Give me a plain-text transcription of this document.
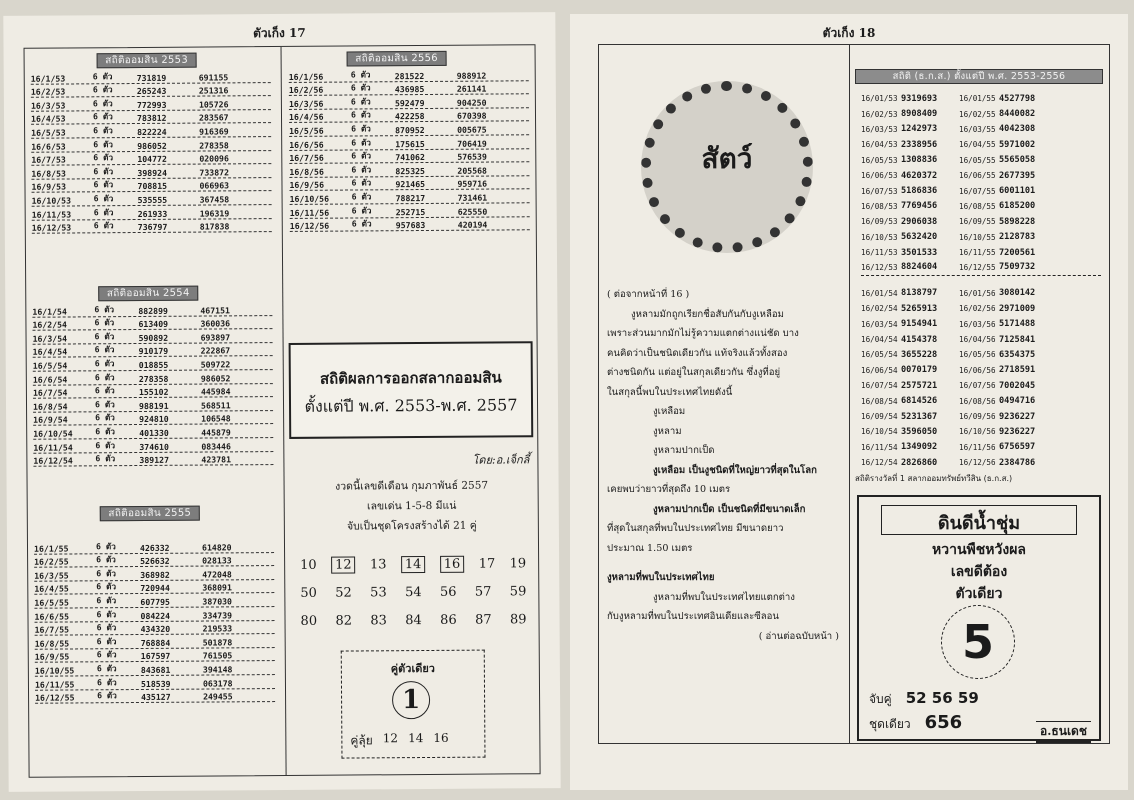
ตัวเก็ง 17
สถิติออมสิน 2553
16/1/53	6 ตัว	731819	691155
16/2/53	6 ตัว	265243	251316
16/3/53	6 ตัว	772993	105726
16/4/53	6 ตัว	783812	283567
16/5/53	6 ตัว	822224	916369
16/6/53	6 ตัว	986052	278358
16/7/53	6 ตัว	104772	020096
16/8/53	6 ตัว	398924	733872
16/9/53	6 ตัว	708815	066963
16/10/53	6 ตัว	535555	367458
16/11/53	6 ตัว	261933	196319
16/12/53	6 ตัว	736797	817838
สถิติออมสิน 2554
16/1/54	6 ตัว	882899	467151
16/2/54	6 ตัว	613409	360036
16/3/54	6 ตัว	590892	693897
16/4/54	6 ตัว	910179	222867
16/5/54	6 ตัว	018855	509722
16/6/54	6 ตัว	278358	986052
16/7/54	6 ตัว	155102	445984
16/8/54	6 ตัว	988191	568511
16/9/54	6 ตัว	924810	106548
16/10/54	6 ตัว	401330	445879
16/11/54	6 ตัว	374610	083446
16/12/54	6 ตัว	389127	423781
สถิติออมสิน 2555
16/1/55	6 ตัว	426332	614820
16/2/55	6 ตัว	526632	028133
16/3/55	6 ตัว	368982	472048
16/4/55	6 ตัว	720944	368091
16/5/55	6 ตัว	607795	387030
16/6/55	6 ตัว	084224	334739
16/7/55	6 ตัว	434320	219533
16/8/55	6 ตัว	768884	501878
16/9/55	6 ตัว	167597	761505
16/10/55	6 ตัว	843681	394148
16/11/55	6 ตัว	518539	063178
16/12/55	6 ตัว	435127	249455
สถิติออมสิน 2556
16/1/56	6 ตัว	281522	988912
16/2/56	6 ตัว	436985	261141
16/3/56	6 ตัว	592479	904250
16/4/56	6 ตัว	422258	670398
16/5/56	6 ตัว	870952	005675
16/6/56	6 ตัว	175615	706419
16/7/56	6 ตัว	741062	576539
16/8/56	6 ตัว	825325	205568
16/9/56	6 ตัว	921465	959716
16/10/56	6 ตัว	788217	731461
16/11/56	6 ตัว	252715	625550
16/12/56	6 ตัว	957683	420194
สถิติผลการออกสลากออมสิน
ตั้งแต่ปี พ.ศ. 2553-พ.ศ. 2557
โดย:อ.เจ็กลี้
งวดนี้เลขดีเดือน กุมภาพันธ์ 2557
เลขเด่น 1-5-8 มีแน่
จับเป็นชุดโครงสร้างได้ 21 คู่
10	12	13	14	16	17 19
50 52 53 54 56 57 59
80 82 83 84 86 87 89
คู่ตัวเดียว
1
คู่ลุ้ย 12 14 16
ตัวเก็ง 18
สัตว์

( ต่อจากหน้าที่ 16 )

งูหลามมักถูกเรียกชื่อสับกันกับงูเหลือม

เพราะส่วนมากมักไม่รู้ความแตกต่างแน่ชัด บาง

คนคิดว่าเป็นชนิดเดียวกัน แท้จริงแล้วทั้งสอง

ต่างชนิดกัน แต่อยู่ในสกุลเดียวกัน ซึ่งงูที่อยู่

ในสกุลนี้พบในประเทศไทยดังนี้

งูเหลือม

งูหลาม

งูหลามปากเป็ด

งูเหลือม เป็นงูชนิดที่ใหญ่ยาวที่สุดในโลก

เคยพบว่ายาวที่สุดถึง 10 เมตร

งูหลามปากเป็ด เป็นชนิดที่มีขนาดเล็ก

ที่สุดในสกุลที่พบในประเทศไทย มีขนาดยาว

ประมาณ 1.50 เมตร

งูหลามที่พบในประเทศไทย

งูหลามที่พบในประเทศไทยแตกต่าง

กับงูหลามที่พบในประเทศอินเดียและซีลอน

( อ่านต่อฉบับหน้า )

สถิติ (ธ.ก.ส.) ตั้งแต่ปี พ.ศ. 2553-2556
16/01/53 9319693	16/01/55 4527798
16/02/53 8908409	16/02/55 8440082
16/03/53 1242973	16/03/55 4042308
16/04/53 2338956	16/04/55 5971002
16/05/53 1308836	16/05/55 5565058
16/06/53 4620372	16/06/55 2677395
16/07/53 5186836	16/07/55 6001101
16/08/53 7769456	16/08/55 6185200
16/09/53 2906038	16/09/55 5898228
16/10/53 5632420	16/10/55 2128783
16/11/53 3501533	16/11/55 7200561
16/12/53 8824604	16/12/55 7509732
16/01/54 8138797	16/01/56 3080142
16/02/54 5265913	16/02/56 2971009
16/03/54 9154941	16/03/56 5171488
16/04/54 4154378	16/04/56 7125841
16/05/54 3655228	16/05/56 6354375
16/06/54 0070179	16/06/56 2718591
16/07/54 2575721	16/07/56 7002045
16/08/54 6814526	16/08/56 0494716
16/09/54 5231367	16/09/56 9236227
16/10/54 3596050	16/10/56 9236227
16/11/54 1349092	16/11/56 6756597
16/12/54 2826860	16/12/56 2384786
สถิติรางวัลที่ 1 สลากออมทรัพย์ทวีสิน (ธ.ก.ส.)
ดินดีน้ำชุ่ม
หวานพืชหวังผล
เลขดีต้อง
ตัวเดียว
5
จับคู่ 52 56 59
ชุดเดียว 656	อ.ธนเดช
